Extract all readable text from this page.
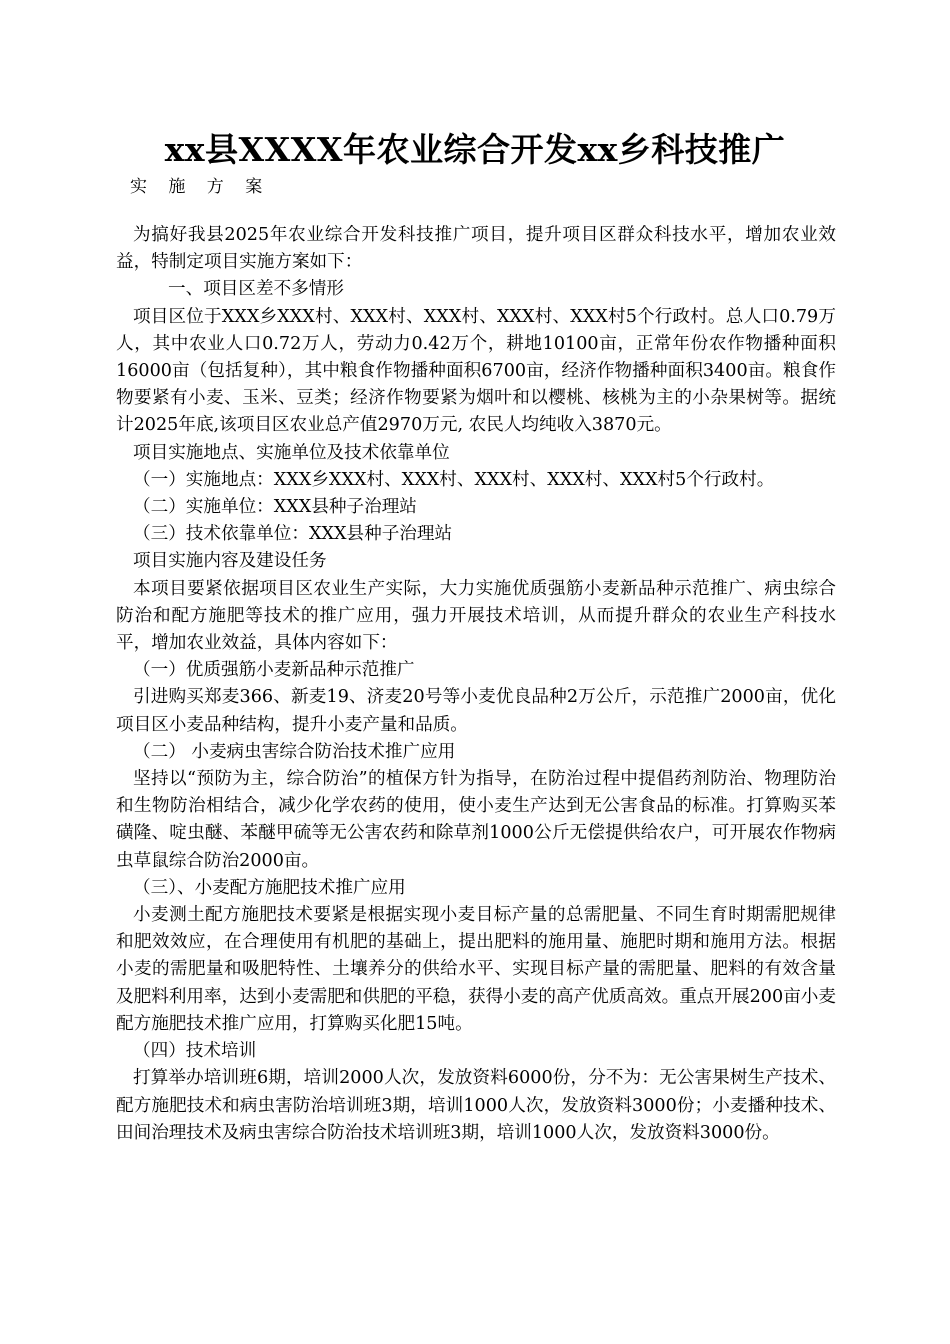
xx县XXXX年农业综合开发xx乡科技推广
实 施 方 案

为搞好我县2025年农业综合开发科技推广项目，提升项目区群众科技水平，增加农业效益，特制定项目实施方案如下：

一、项目区差不多情形

项目区位于XXX乡XXX村、XXX村、XXX村、XXX村、XXX村5个行政村。总人口0.79万人，其中农业人口0.72万人，劳动力0.42万个，耕地10100亩，正常年份农作物播种面积16000亩（包括复种），其中粮食作物播种面积6700亩，经济作物播种面积3400亩。粮食作物要紧有小麦、玉米、豆类；经济作物要紧为烟叶和以樱桃、核桃为主的小杂果树等。据统计2025年底,该项目区农业总产值2970万元, 农民人均纯收入3870元。

项目实施地点、实施单位及技术依靠单位

（一）实施地点：XXX乡XXX村、XXX村、XXX村、XXX村、XXX村5个行政村。

（二）实施单位：XXX县种子治理站

（三）技术依靠单位：XXX县种子治理站

项目实施内容及建设任务

本项目要紧依据项目区农业生产实际，大力实施优质强筋小麦新品种示范推广、病虫综合防治和配方施肥等技术的推广应用，强力开展技术培训，从而提升群众的农业生产科技水平，增加农业效益，具体内容如下：

（一）优质强筋小麦新品种示范推广

引进购买郑麦366、新麦19、济麦20号等小麦优良品种2万公斤，示范推广2000亩，优化项目区小麦品种结构，提升小麦产量和品质。

（二） 小麦病虫害综合防治技术推广应用

坚持以“预防为主，综合防治”的植保方针为指导，在防治过程中提倡药剂防治、物理防治和生物防治相结合，减少化学农药的使用，使小麦生产达到无公害食品的标准。打算购买苯磺隆、啶虫醚、苯醚甲硫等无公害农药和除草剂1000公斤无偿提供给农户，可开展农作物病虫草鼠综合防治2000亩。

（三）、小麦配方施肥技术推广应用

小麦测土配方施肥技术要紧是根据实现小麦目标产量的总需肥量、不同生育时期需肥规律和肥效效应，在合理使用有机肥的基础上，提出肥料的施用量、施肥时期和施用方法。根据小麦的需肥量和吸肥特性、土壤养分的供给水平、实现目标产量的需肥量、肥料的有效含量及肥料利用率，达到小麦需肥和供肥的平稳，获得小麦的高产优质高效。重点开展200亩小麦配方施肥技术推广应用，打算购买化肥15吨。

（四）技术培训

打算举办培训班6期，培训2000人次，发放资料6000份，分不为：无公害果树生产技术、配方施肥技术和病虫害防治培训班3期，培训1000人次，发放资料3000份；小麦播种技术、田间治理技术及病虫害综合防治技术培训班3期，培训1000人次，发放资料3000份。
